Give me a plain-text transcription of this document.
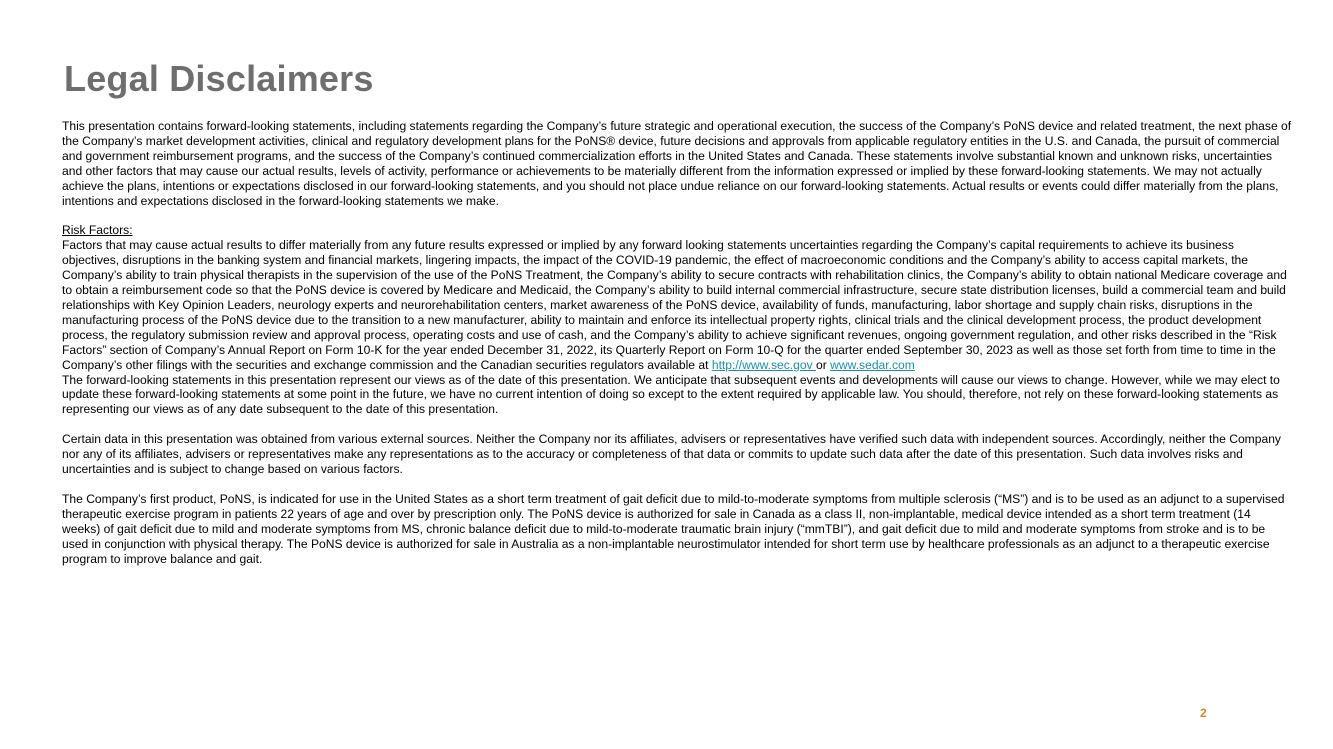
Legal Disclaimers

This presentation contains forward-looking statements, including statements regarding the Company’s future strategic and operational execution, the success of the Company’s PoNS device and related treatment, the next phase of the Company’s market development activities, clinical and regulatory development plans for the PoNS® device, future decisions and approvals from applicable regulatory entities in the U.S. and Canada, the pursuit of commercial and government reimbursement programs, and the success of the Company’s continued commercialization efforts in the United States and Canada. These statements involve substantial known and unknown risks, uncertainties and other factors that may cause our actual results, levels of activity, performance or achievements to be materially different from the information expressed or implied by these forward-looking statements. We may not actually achieve the plans, intentions or expectations disclosed in our forward-looking statements, and you should not place undue reliance on our forward-looking statements. Actual results or events could differ materially from the plans, intentions and expectations disclosed in the forward-looking statements we make.

Risk Factors:
Factors that may cause actual results to differ materially from any future results expressed or implied by any forward looking statements uncertainties regarding the Company’s capital requirements to achieve its business objectives, disruptions in the banking system and financial markets, lingering impacts, the impact of the COVID-19 pandemic, the effect of macroeconomic conditions and the Company’s ability to access capital markets, the Company’s ability to train physical therapists in the supervision of the use of the PoNS Treatment, the Company’s ability to secure contracts with rehabilitation clinics, the Company’s ability to obtain national Medicare coverage and to obtain a reimbursement code so that the PoNS device is covered by Medicare and Medicaid, the Company’s ability to build internal commercial infrastructure, secure state distribution licenses, build a commercial team and build relationships with Key Opinion Leaders, neurology experts and neurorehabilitation centers, market awareness of the PoNS device, availability of funds, manufacturing, labor shortage and supply chain risks, disruptions in the manufacturing process of the PoNS device due to the transition to a new manufacturer, ability to maintain and enforce its intellectual property rights, clinical trials and the clinical development process, the product development process, the regulatory submission review and approval process, operating costs and use of cash, and the Company’s ability to achieve significant revenues, ongoing government regulation, and other risks described in the “Risk Factors” section of Company’s Annual Report on Form 10-K for the year ended December 31, 2022, its Quarterly Report on Form 10-Q for the quarter ended September 30, 2023 as well as those set forth from time to time in the Company’s other filings with the securities and exchange commission and the Canadian securities regulators available at http://www.sec.gov or www.sedar.com

The forward-looking statements in this presentation represent our views as of the date of this presentation. We anticipate that subsequent events and developments will cause our views to change. However, while we may elect to update these forward-looking statements at some point in the future, we have no current intention of doing so except to the extent required by applicable law. You should, therefore, not rely on these forward-looking statements as representing our views as of any date subsequent to the date of this presentation.

Certain data in this presentation was obtained from various external sources. Neither the Company nor its affiliates, advisers or representatives have verified such data with independent sources. Accordingly, neither the Company nor any of its affiliates, advisers or representatives make any representations as to the accuracy or completeness of that data or commits to update such data after the date of this presentation. Such data involves risks and uncertainties and is subject to change based on various factors.

The Company’s first product, PoNS, is indicated for use in the United States as a short term treatment of gait deficit due to mild-to-moderate symptoms from multiple sclerosis (“MS”) and is to be used as an adjunct to a supervised therapeutic exercise program in patients 22 years of age and over by prescription only. The PoNS device is authorized for sale in Canada as a class II, non-implantable, medical device intended as a short term treatment (14 weeks) of gait deficit due to mild and moderate symptoms from MS, chronic balance deficit due to mild-to-moderate traumatic brain injury (“mmTBI”), and gait deficit due to mild and moderate symptoms from stroke and is to be used in conjunction with physical therapy. The PoNS device is authorized for sale in Australia as a non-implantable neurostimulator intended for short term use by healthcare professionals as an adjunct to a therapeutic exercise program to improve balance and gait.

2
